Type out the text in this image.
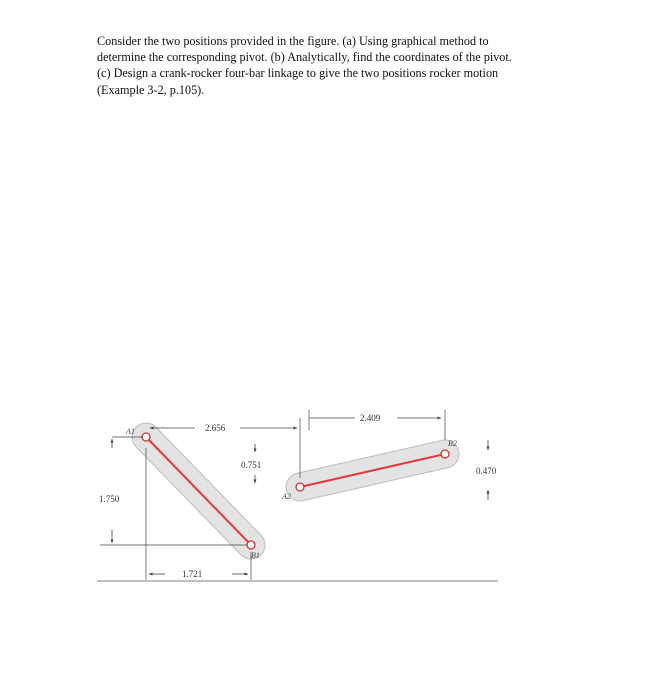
Consider the two positions provided in the figure. (a) Using graphical method to
determine the corresponding pivot. (b) Analytically, find the coordinates of the pivot.
(c) Design a crank-rocker four-bar linkage to give the two positions rocker motion
(Example 3-2, p.105).
A1
B1
A2
B2
2.656
2.409
0.751
0.470
1.750
1.721
